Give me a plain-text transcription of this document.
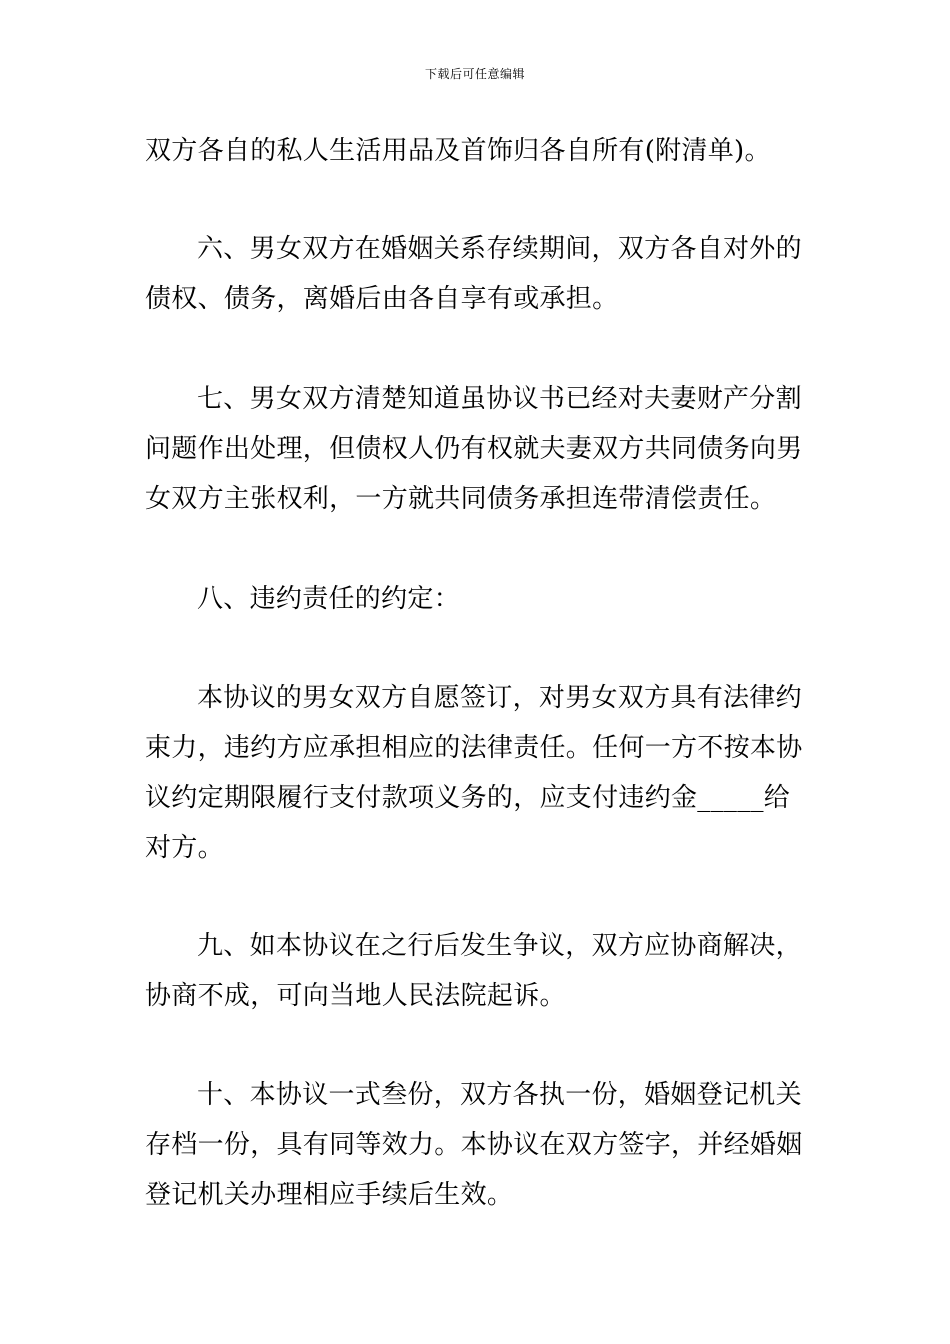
下载后可任意编辑

双方各自的私人生活用品及首饰归各自所有(附清单)。

六、男女双方在婚姻关系存续期间，双方各自对外的债权、债务，离婚后由各自享有或承担。

七、男女双方清楚知道虽协议书已经对夫妻财产分割问题作出处理，但债权人仍有权就夫妻双方共同债务向男女双方主张权利，一方就共同债务承担连带清偿责任。

八、违约责任的约定：

本协议的男女双方自愿签订，对男女双方具有法律约束力，违约方应承担相应的法律责任。任何一方不按本协议约定期限履行支付款项义务的，应支付违约金_____给对方。

九、如本协议在之行后发生争议，双方应协商解决，协商不成，可向当地人民法院起诉。

十、本协议一式叁份，双方各执一份，婚姻登记机关存档一份，具有同等效力。本协议在双方签字，并经婚姻登记机关办理相应手续后生效。
